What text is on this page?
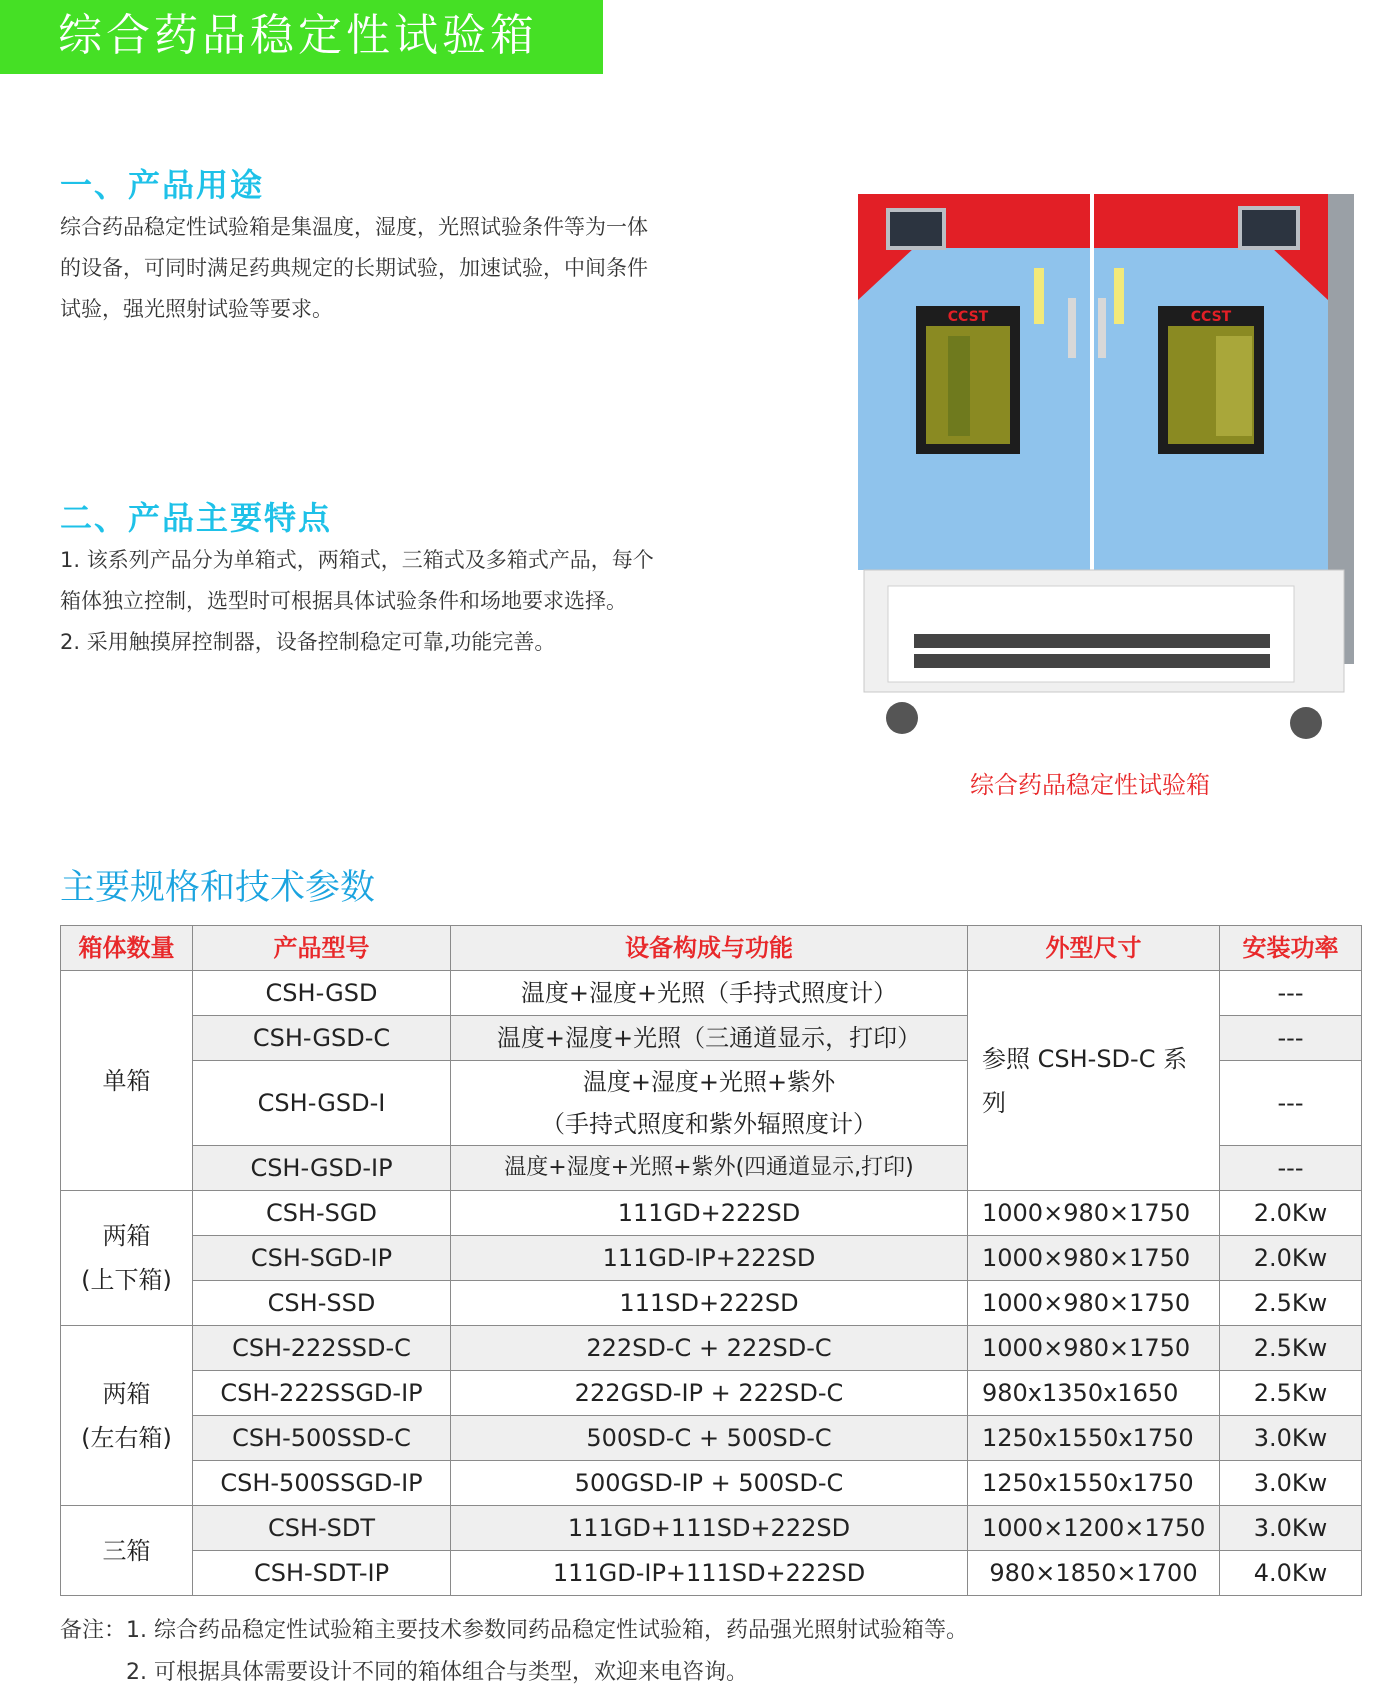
综合药品稳定性试验箱
一、产品用途

综合药品稳定性试验箱是集温度，湿度，光照试验条件等为一体

的设备，可同时满足药典规定的长期试验，加速试验，中间条件

试验，强光照射试验等要求。

二、产品主要特点

1. 该系列产品分为单箱式，两箱式，三箱式及多箱式产品，每个

箱体独立控制，选型时可根据具体试验条件和场地要求选择。

2. 采用触摸屏控制器，设备控制稳定可靠,功能完善。

CCST	CCST
综合药品稳定性试验箱
主要规格和技术参数
箱体数量	产品型号	设备构成与功能	外型尺寸	安装功率
单箱	CSH-GSD	温度+湿度+光照（手持式照度计）	参照 CSH-SD-C 系
列	---
	CSH-GSD-C	温度+湿度+光照（三通道显示，打印）		---
	CSH-GSD-I	温度+湿度+光照+紫外
（手持式照度和紫外辐照度计）		---
	CSH-GSD-IP	温度+湿度+光照+紫外(四通道显示,打印)		---

两箱
(上下箱)	CSH-SGD	111GD+222SD	1000×980×1750	2.0Kw
	CSH-SGD-IP	111GD-IP+222SD	1000×980×1750	2.0Kw
	CSH-SSD	111SD+222SD	1000×980×1750	2.5Kw

两箱
(左右箱)	CSH-222SSD-C	222SD-C + 222SD-C	1000×980×1750	2.5Kw
	CSH-222SSGD-IP	222GSD-IP + 222SD-C	980x1350x1650	2.5Kw
	CSH-500SSD-C	500SD-C + 500SD-C	1250x1550x1750	3.0Kw
	CSH-500SSGD-IP	500GSD-IP + 500SD-C	1250x1550x1750	3.0Kw
三箱	CSH-SDT	111GD+111SD+222SD	1000×1200×1750	3.0Kw
	CSH-SDT-IP	111GD-IP+111SD+222SD	980×1850×1700	4.0Kw
备注：1. 综合药品稳定性试验箱主要技术参数同药品稳定性试验箱，药品强光照射试验箱等。
2. 可根据具体需要设计不同的箱体组合与类型，欢迎来电咨询。
